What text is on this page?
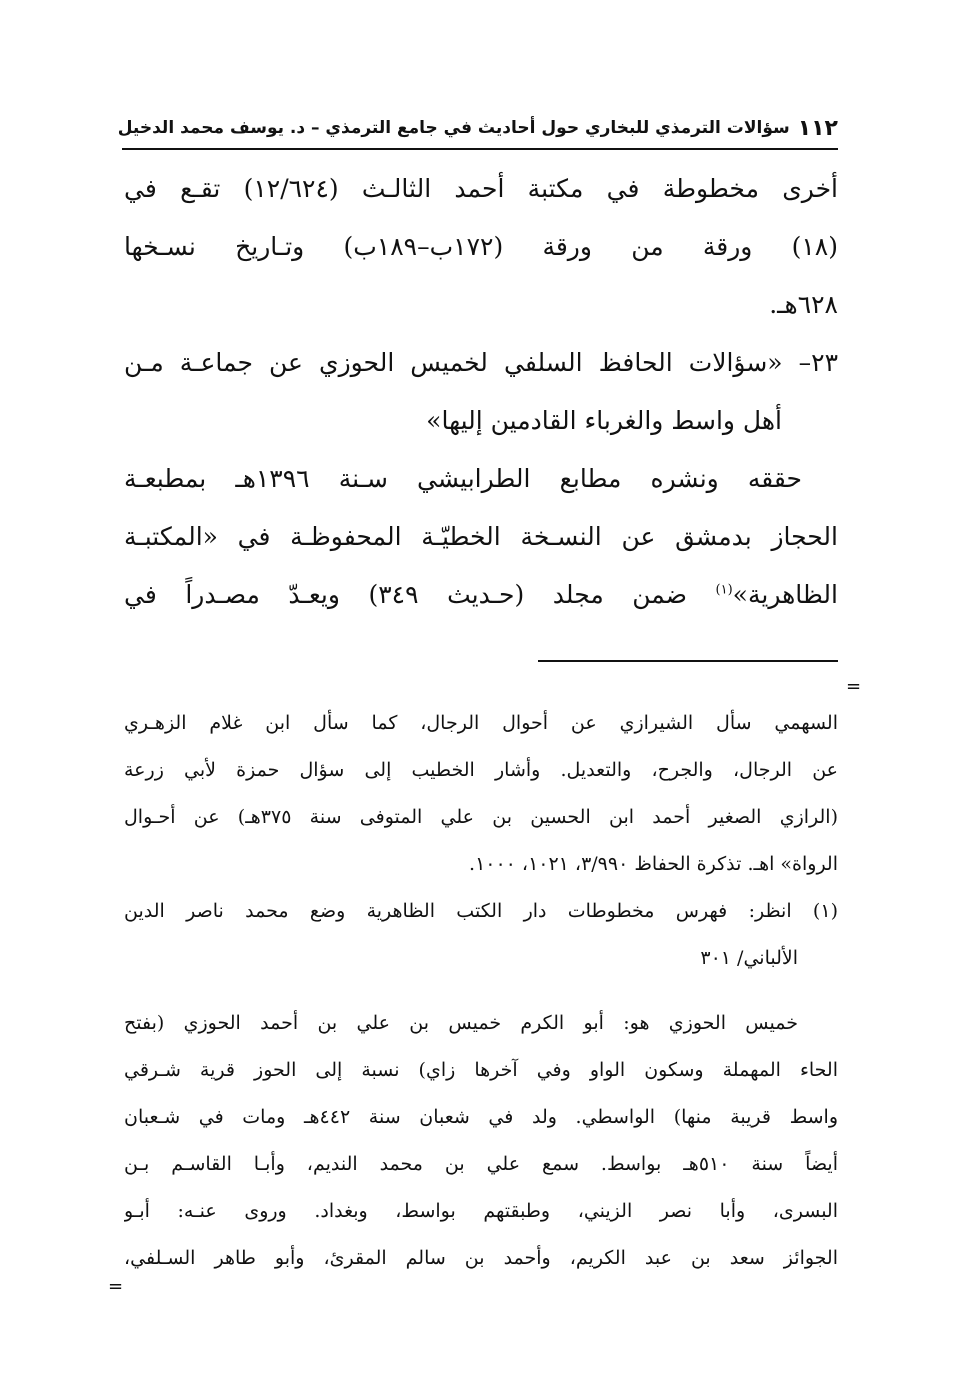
١١٢
سؤالات الترمذي للبخاري حول أحاديث في جامع الترمذي – د. يوسف محمد الدخيل
أخرى مخطوطة في مكتبة أحمد الثالـث (١٢/٦٢٤) تقـع في
(١٨) ورقة من ورقة (١٧٢ب–١٨٩ب) وتـاريخ نسـخها
٦٢٨هـ.
٢٣– «سؤالات الحافظ السلفي لخميس الحوزي عن جماعـة مـن
أهل واسط والغرباء القادمين إليها»
حققه ونشره مطابع الطرابيشي سـنة ١٣٩٦هـ بمطبعـة
الحجاز بدمشق عن النسـخة الخطيّـة المحفوظـة في «المكتبـة
الظاهرية»$^{(١)}$ ضمن مجلد (حـديث ٣٤٩) ويعـدّ مصـدراً في
=
السهمي سأل الشيرازي عن أحوال الرجال، كما سأل ابن غلام الزهـري
عن الرجال، والجرح، والتعديل. وأشار الخطيب إلى سؤال حمزة لأبي زرعة
(الرازي الصغير أحمد ابن الحسين بن علي المتوفى سنة ٣٧٥هـ) عن أحـوال
الرواة» اهـ. تذكرة الحفاظ ٣/٩٩٠، ١٠٢١، ١٠٠٠.
(١) انظر: فهرس مخطوطات دار الكتب الظاهرية وضع محمد ناصر الدين
الألباني/ ٣٠١
خميس الحوزي هو: أبو الكرم خميس بن علي بن أحمد الحوزي (بفتح
الحاء المهملة وسكون الواو وفي آخرها زاي) نسبة إلى الحوز قرية شـرقي
واسط قريبة منها) الواسطي. ولد في شعبان سنة ٤٤٢هـ ومات في شـعبان
أيضاً سنة ٥١٠هـ بواسط. سمع علي بن محمد النديم، وأبـا القاسـم بـن
البسرى، وأبا نصر الزيني، وطبقتهم بواسط، وبغداد. وروى عنـه: أبـو
الجوائز سعد بن عبد الكريم، وأحمد بن سالم المقرئ، وأبو طاهر السـلفي،
=
